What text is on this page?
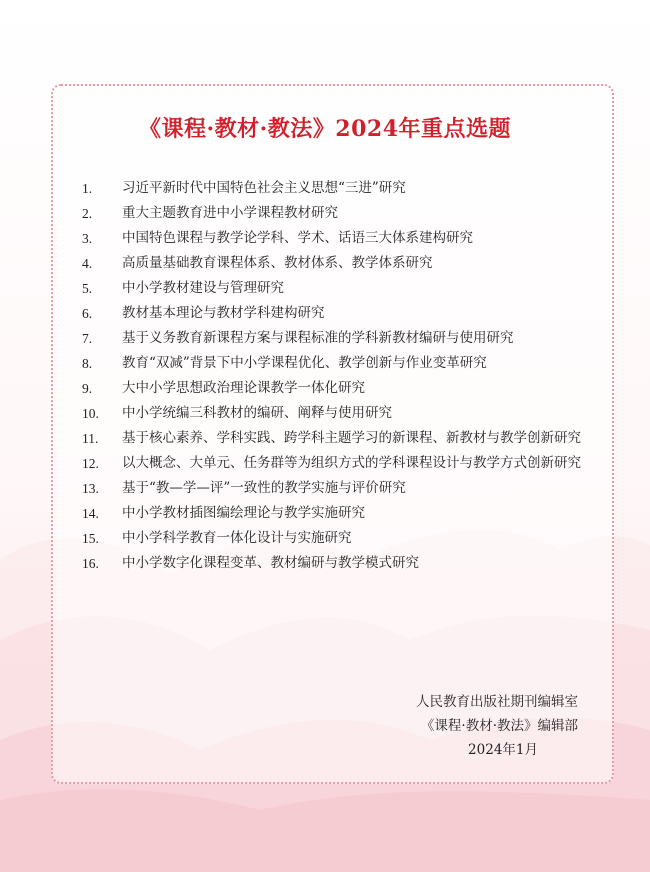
《课程·教材·教法》2024年重点选题
1. 习近平新时代中国特色社会主义思想“三进”研究
2. 重大主题教育进中小学课程教材研究
3. 中国特色课程与教学论学科、学术、话语三大体系建构研究
4. 高质量基础教育课程体系、教材体系、教学体系研究
5. 中小学教材建设与管理研究
6. 教材基本理论与教材学科建构研究
7. 基于义务教育新课程方案与课程标准的学科新教材编研与使用研究
8. 教育“双减”背景下中小学课程优化、教学创新与作业变革研究
9. 大中小学思想政治理论课教学一体化研究
10. 中小学统编三科教材的编研、阐释与使用研究
11. 基于核心素养、学科实践、跨学科主题学习的新课程、新教材与教学创新研究
12. 以大概念、大单元、任务群等为组织方式的学科课程设计与教学方式创新研究
13. 基于“教—学—评”一致性的教学实施与评价研究
14. 中小学教材插图编绘理论与教学实施研究
15. 中小学科学教育一体化设计与实施研究
16. 中小学数字化课程变革、教材编研与教学模式研究
人民教育出版社期刊编辑室
《课程·教材·教法》编辑部
2024年1月
